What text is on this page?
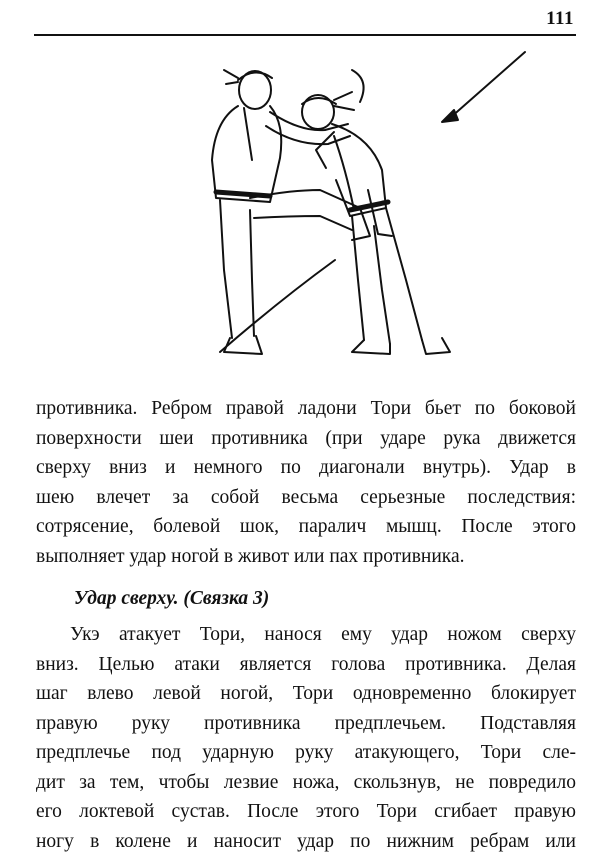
111
противника. Ребром правой ладони Тори бьет по боковой
поверхности шеи противника (при ударе рука движется
сверху вниз и немного по диагонали внутрь). Удар в
шею влечет за собой весьма серьезные последствия:
сотрясение, болевой шок, паралич мышц. После этого
выполняет удар ногой в живот или пах противника.
Удар сверху. (Связка 3)
Укэ атакует Тори, нанося ему удар ножом сверху
вниз. Целью атаки является голова противника. Делая
шаг влево левой ногой, Тори одновременно блокирует
правую руку противника предплечьем. Подставляя
предплечье под ударную руку атакующего, Тори сле-
дит за тем, чтобы лезвие ножа, скользнув, не повредило
его локтевой сустав. После этого Тори сгибает правую
ногу в колене и наносит удар по нижним ребрам или
